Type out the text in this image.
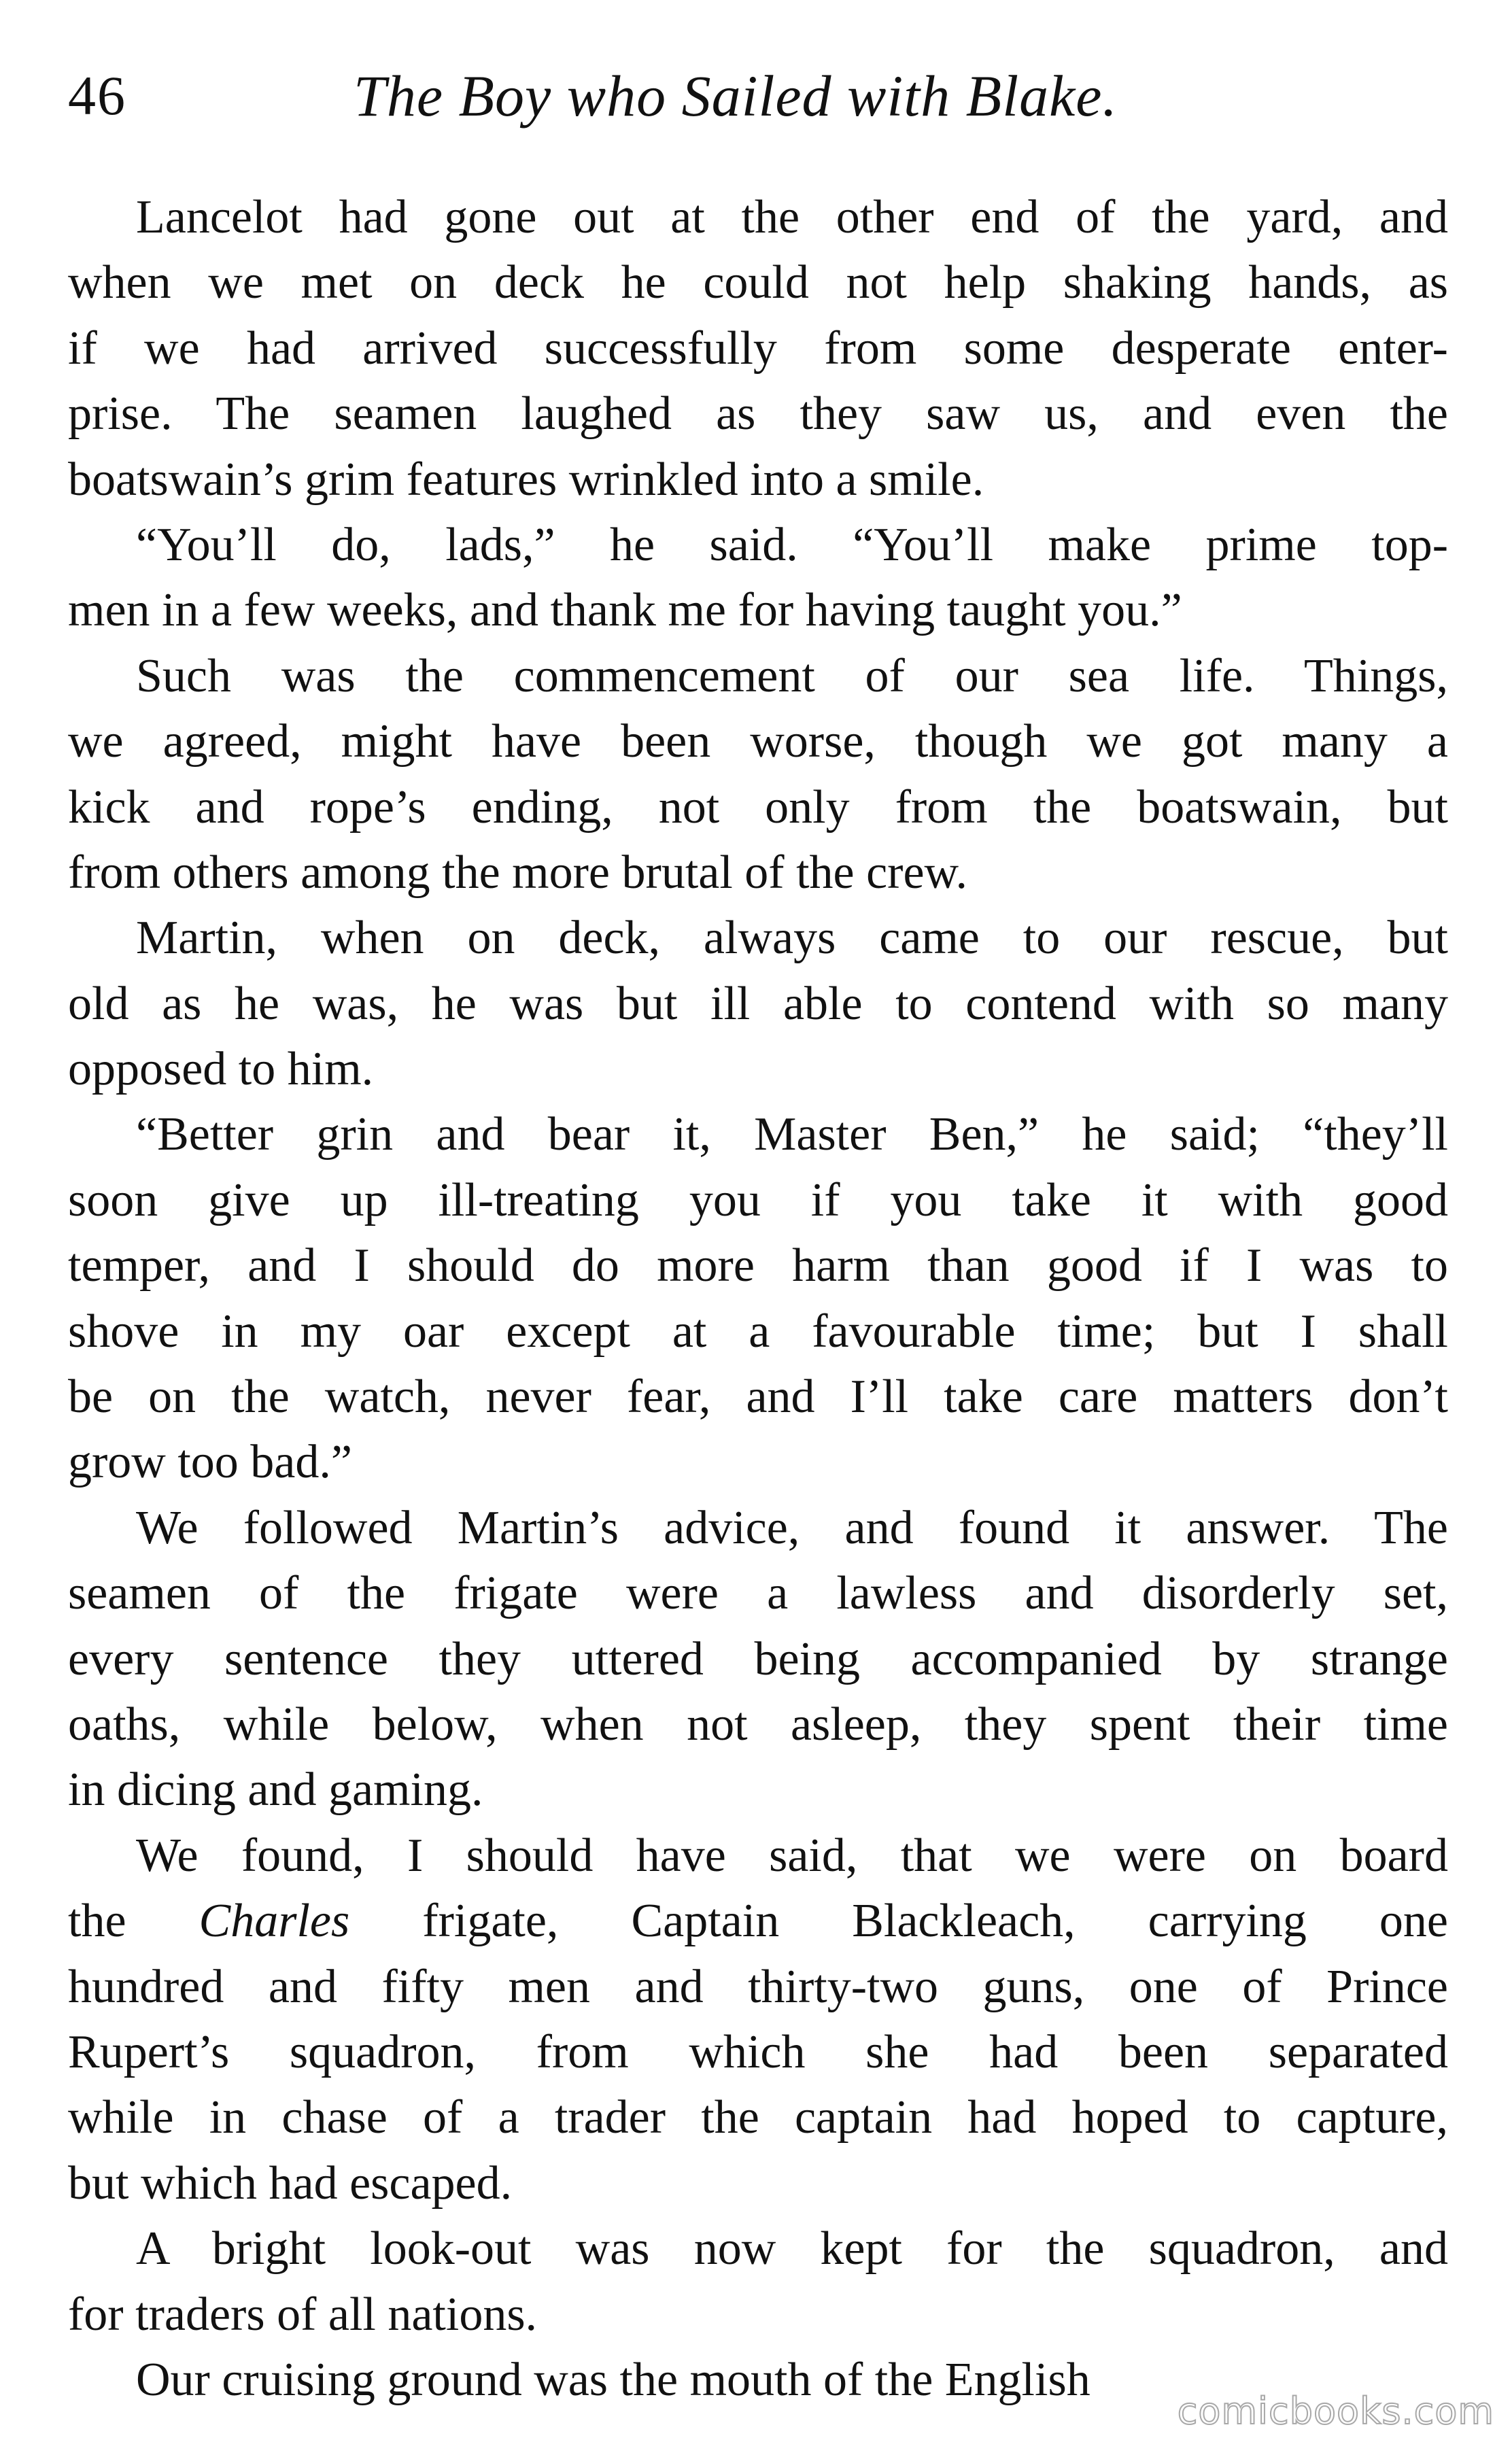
46	The Boy who Sailed with Blake.
Lancelot had gone out at the other end of the yard, and
when we met on deck he could not help shaking hands, as
if we had arrived successfully from some desperate enter-
prise. The seamen laughed as they saw us, and even the
boatswain’s grim features wrinkled into a smile.
“You’ll do, lads,” he said. “You’ll make prime top-
men in a few weeks, and thank me for having taught you.”
Such was the commencement of our sea life. Things,
we agreed, might have been worse, though we got many a
kick and rope’s ending, not only from the boatswain, but
from others among the more brutal of the crew.
Martin, when on deck, always came to our rescue, but
old as he was, he was but ill able to contend with so many
opposed to him.
“Better grin and bear it, Master Ben,” he said; “they’ll
soon give up ill-treating you if you take it with good
temper, and I should do more harm than good if I was to
shove in my oar except at a favourable time; but I shall
be on the watch, never fear, and I’ll take care matters don’t
grow too bad.”
We followed Martin’s advice, and found it answer. The
seamen of the frigate were a lawless and disorderly set,
every sentence they uttered being accompanied by strange
oaths, while below, when not asleep, they spent their time
in dicing and gaming.
We found, I should have said, that we were on board
the Charles frigate, Captain Blackleach, carrying one
hundred and fifty men and thirty-two guns, one of Prince
Rupert’s squadron, from which she had been separated
while in chase of a trader the captain had hoped to capture,
but which had escaped.
A bright look-out was now kept for the squadron, and
for traders of all nations.
Our cruising ground was the mouth of the English
comicbooks.com
